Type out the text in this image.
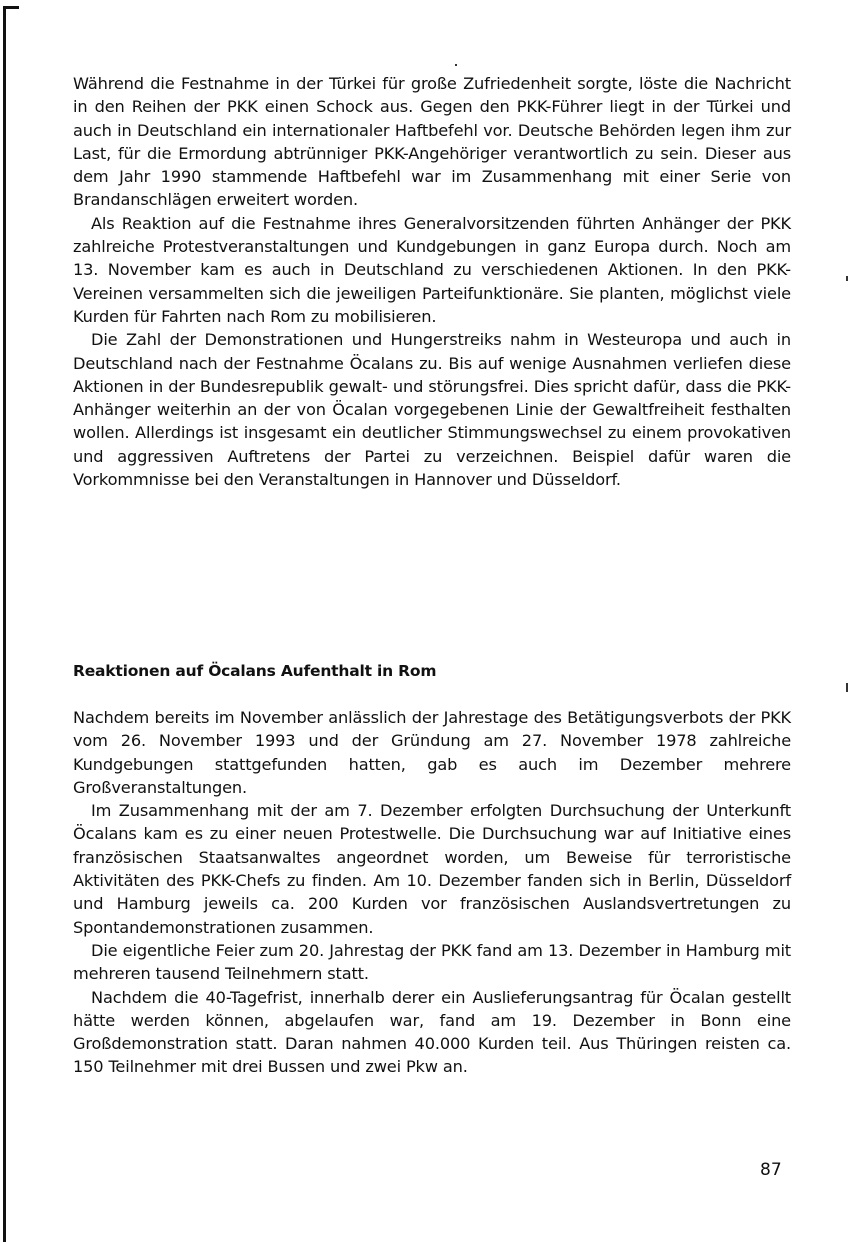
Während die Festnahme in der Türkei für große Zufriedenheit sorgte, löste die Nachricht in den Reihen der PKK einen Schock aus. Gegen den PKK-Führer liegt in der Türkei und auch in Deutschland ein internationaler Haftbefehl vor. Deutsche Behörden legen ihm zur Last, für die Ermordung abtrünniger PKK-Angehöriger verantwortlich zu sein. Dieser aus dem Jahr 1990 stammende Haftbefehl war im Zusammenhang mit einer Serie von Brandanschlägen erweitert worden.

Als Reaktion auf die Festnahme ihres Generalvorsitzenden führten Anhänger der PKK zahlreiche Protestveranstaltungen und Kundgebungen in ganz Europa durch. Noch am 13. November kam es auch in Deutschland zu verschiedenen Aktionen. In den PKK-Vereinen versammelten sich die jeweiligen Parteifunktionäre. Sie planten, möglichst viele Kurden für Fahrten nach Rom zu mobilisieren.

Die Zahl der Demonstrationen und Hungerstreiks nahm in Westeuropa und auch in Deutschland nach der Festnahme Öcalans zu. Bis auf wenige Ausnahmen verliefen diese Aktionen in der Bundesrepublik gewalt- und störungsfrei. Dies spricht dafür, dass die PKK-Anhänger weiterhin an der von Öcalan vorgegebenen Linie der Gewaltfreiheit festhalten wollen. Allerdings ist insgesamt ein deutlicher Stimmungswechsel zu einem provokativen und aggressiven Auftretens der Partei zu verzeichnen. Beispiel dafür waren die Vorkommnisse bei den Veranstaltungen in Hannover und Düsseldorf.

Reaktionen auf Öcalans Aufenthalt in Rom

Nachdem bereits im November anlässlich der Jahrestage des Betätigungsverbots der PKK vom 26. November 1993 und der Gründung am 27. November 1978 zahlreiche Kundgebungen stattgefunden hatten, gab es auch im Dezember mehrere Großveranstaltungen.

Im Zusammenhang mit der am 7. Dezember erfolgten Durchsuchung der Unterkunft Öcalans kam es zu einer neuen Protestwelle. Die Durchsuchung war auf Initiative eines französischen Staatsanwaltes angeordnet worden, um Beweise für terroristische Aktivitäten des PKK-Chefs zu finden. Am 10. Dezember fanden sich in Berlin, Düsseldorf und Hamburg jeweils ca. 200 Kurden vor französischen Auslandsvertretungen zu Spontandemonstrationen zusammen.

Die eigentliche Feier zum 20. Jahrestag der PKK fand am 13. Dezember in Hamburg mit mehreren tausend Teilnehmern statt.

Nachdem die 40-Tagefrist, innerhalb derer ein Auslieferungsantrag für Öcalan gestellt hätte werden können, abgelaufen war, fand am 19. Dezember in Bonn eine Großdemonstration statt. Daran nahmen 40.000 Kurden teil. Aus Thüringen reisten ca. 150 Teilnehmer mit drei Bussen und zwei Pkw an.

87
